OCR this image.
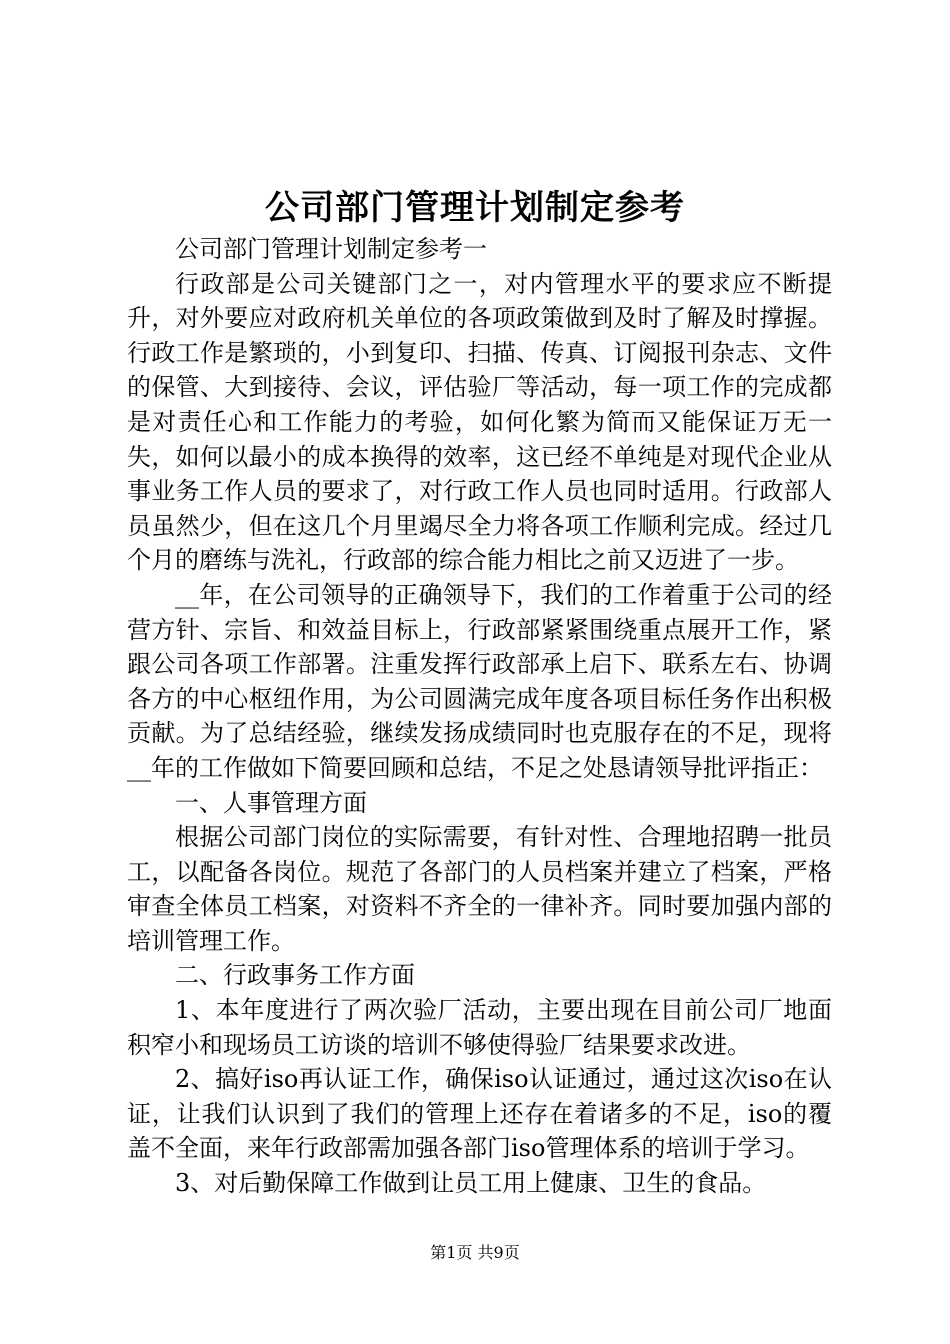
公司部门管理计划制定参考

公司部门管理计划制定参考一

行政部是公司关键部门之一，对内管理水平的要求应不断提升，对外要应对政府机关单位的各项政策做到及时了解及时撑握。行政工作是繁琐的，小到复印、扫描、传真、订阅报刊杂志、文件的保管、大到接待、会议，评估验厂等活动，每一项工作的完成都是对责任心和工作能力的考验，如何化繁为简而又能保证万无一失，如何以最小的成本换得的效率，这已经不单纯是对现代企业从事业务工作人员的要求了，对行政工作人员也同时适用。行政部人员虽然少，但在这几个月里竭尽全力将各项工作顺利完成。经过几个月的磨练与洗礼，行政部的综合能力相比之前又迈进了一步。

__年，在公司领导的正确领导下，我们的工作着重于公司的经营方针、宗旨、和效益目标上，行政部紧紧围绕重点展开工作，紧跟公司各项工作部署。注重发挥行政部承上启下、联系左右、协调各方的中心枢纽作用，为公司圆满完成年度各项目标任务作出积极贡献。为了总结经验，继续发扬成绩同时也克服存在的不足，现将__年的工作做如下简要回顾和总结，不足之处恳请领导批评指正：

一、人事管理方面

根据公司部门岗位的实际需要，有针对性、合理地招聘一批员工，以配备各岗位。规范了各部门的人员档案并建立了档案，严格审查全体员工档案，对资料不齐全的一律补齐。同时要加强内部的培训管理工作。

二、行政事务工作方面

1、本年度进行了两次验厂活动，主要出现在目前公司厂地面积窄小和现场员工访谈的培训不够使得验厂结果要求改进。

2、搞好iso再认证工作，确保iso认证通过，通过这次iso在认证，让我们认识到了我们的管理上还存在着诸多的不足，iso的覆盖不全面，来年行政部需加强各部门iso管理体系的培训于学习。

3、对后勤保障工作做到让员工用上健康、卫生的食品。

第1页 共9页
